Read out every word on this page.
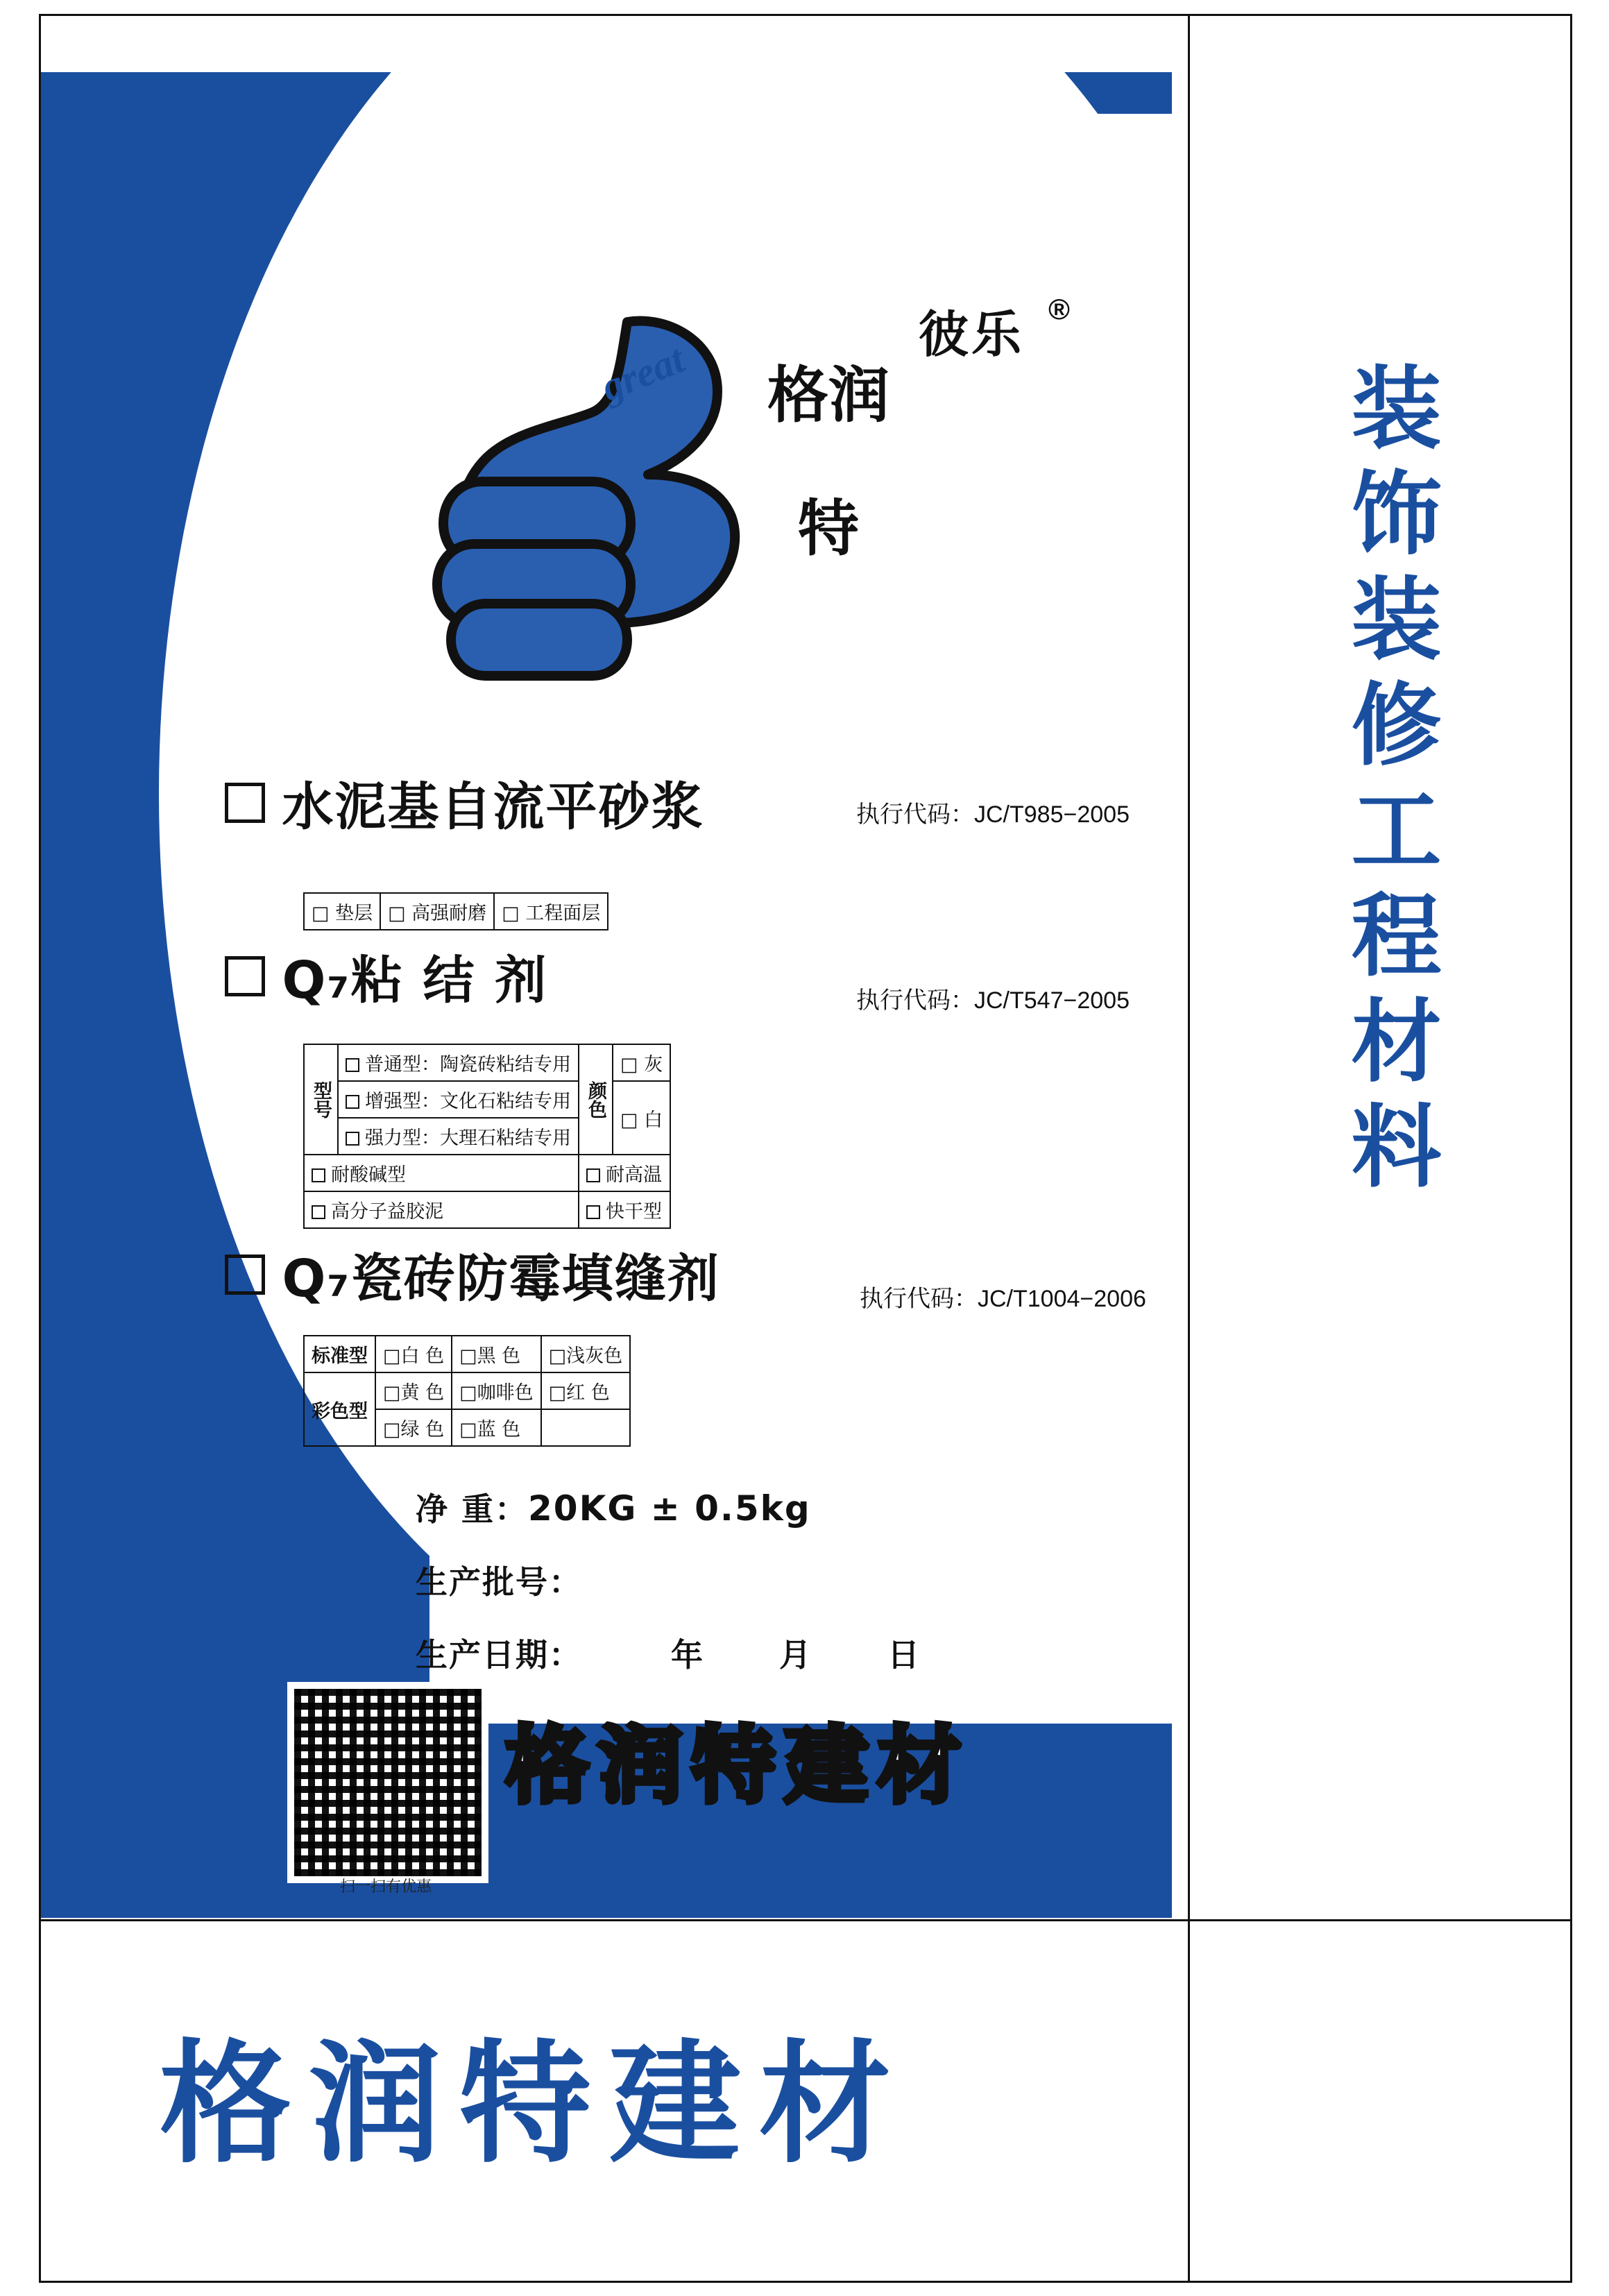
great 格润特
彼乐 ®
水泥基自流平砂浆	执行代码：JC/T985−2005
□ 垫层	□ 高强耐磨	□ 工程面层
Q₇粘 结 剂	执行代码：JC/T547−2005
型号	普通型：陶瓷砖粘结专用	颜色	□ 灰
	增强型：文化石粘结专用		□ 白
	强力型：大理石粘结专用		
耐酸碱型		耐高温	
高分子益胶泥		快干型	
Q₇瓷砖防霉填缝剂	执行代码：JC/T1004−2006
标准型	□白 色	□黑 色	□浅灰色
彩色型	□黄 色	□咖啡色	□红 色
	□绿 色	□蓝 色	
净 重：20KG ± 0.5kg
生产批号：
生产日期：	年 月 日
扫一扫有优惠
格润特建材
装饰装修工程材料
格润特建材
